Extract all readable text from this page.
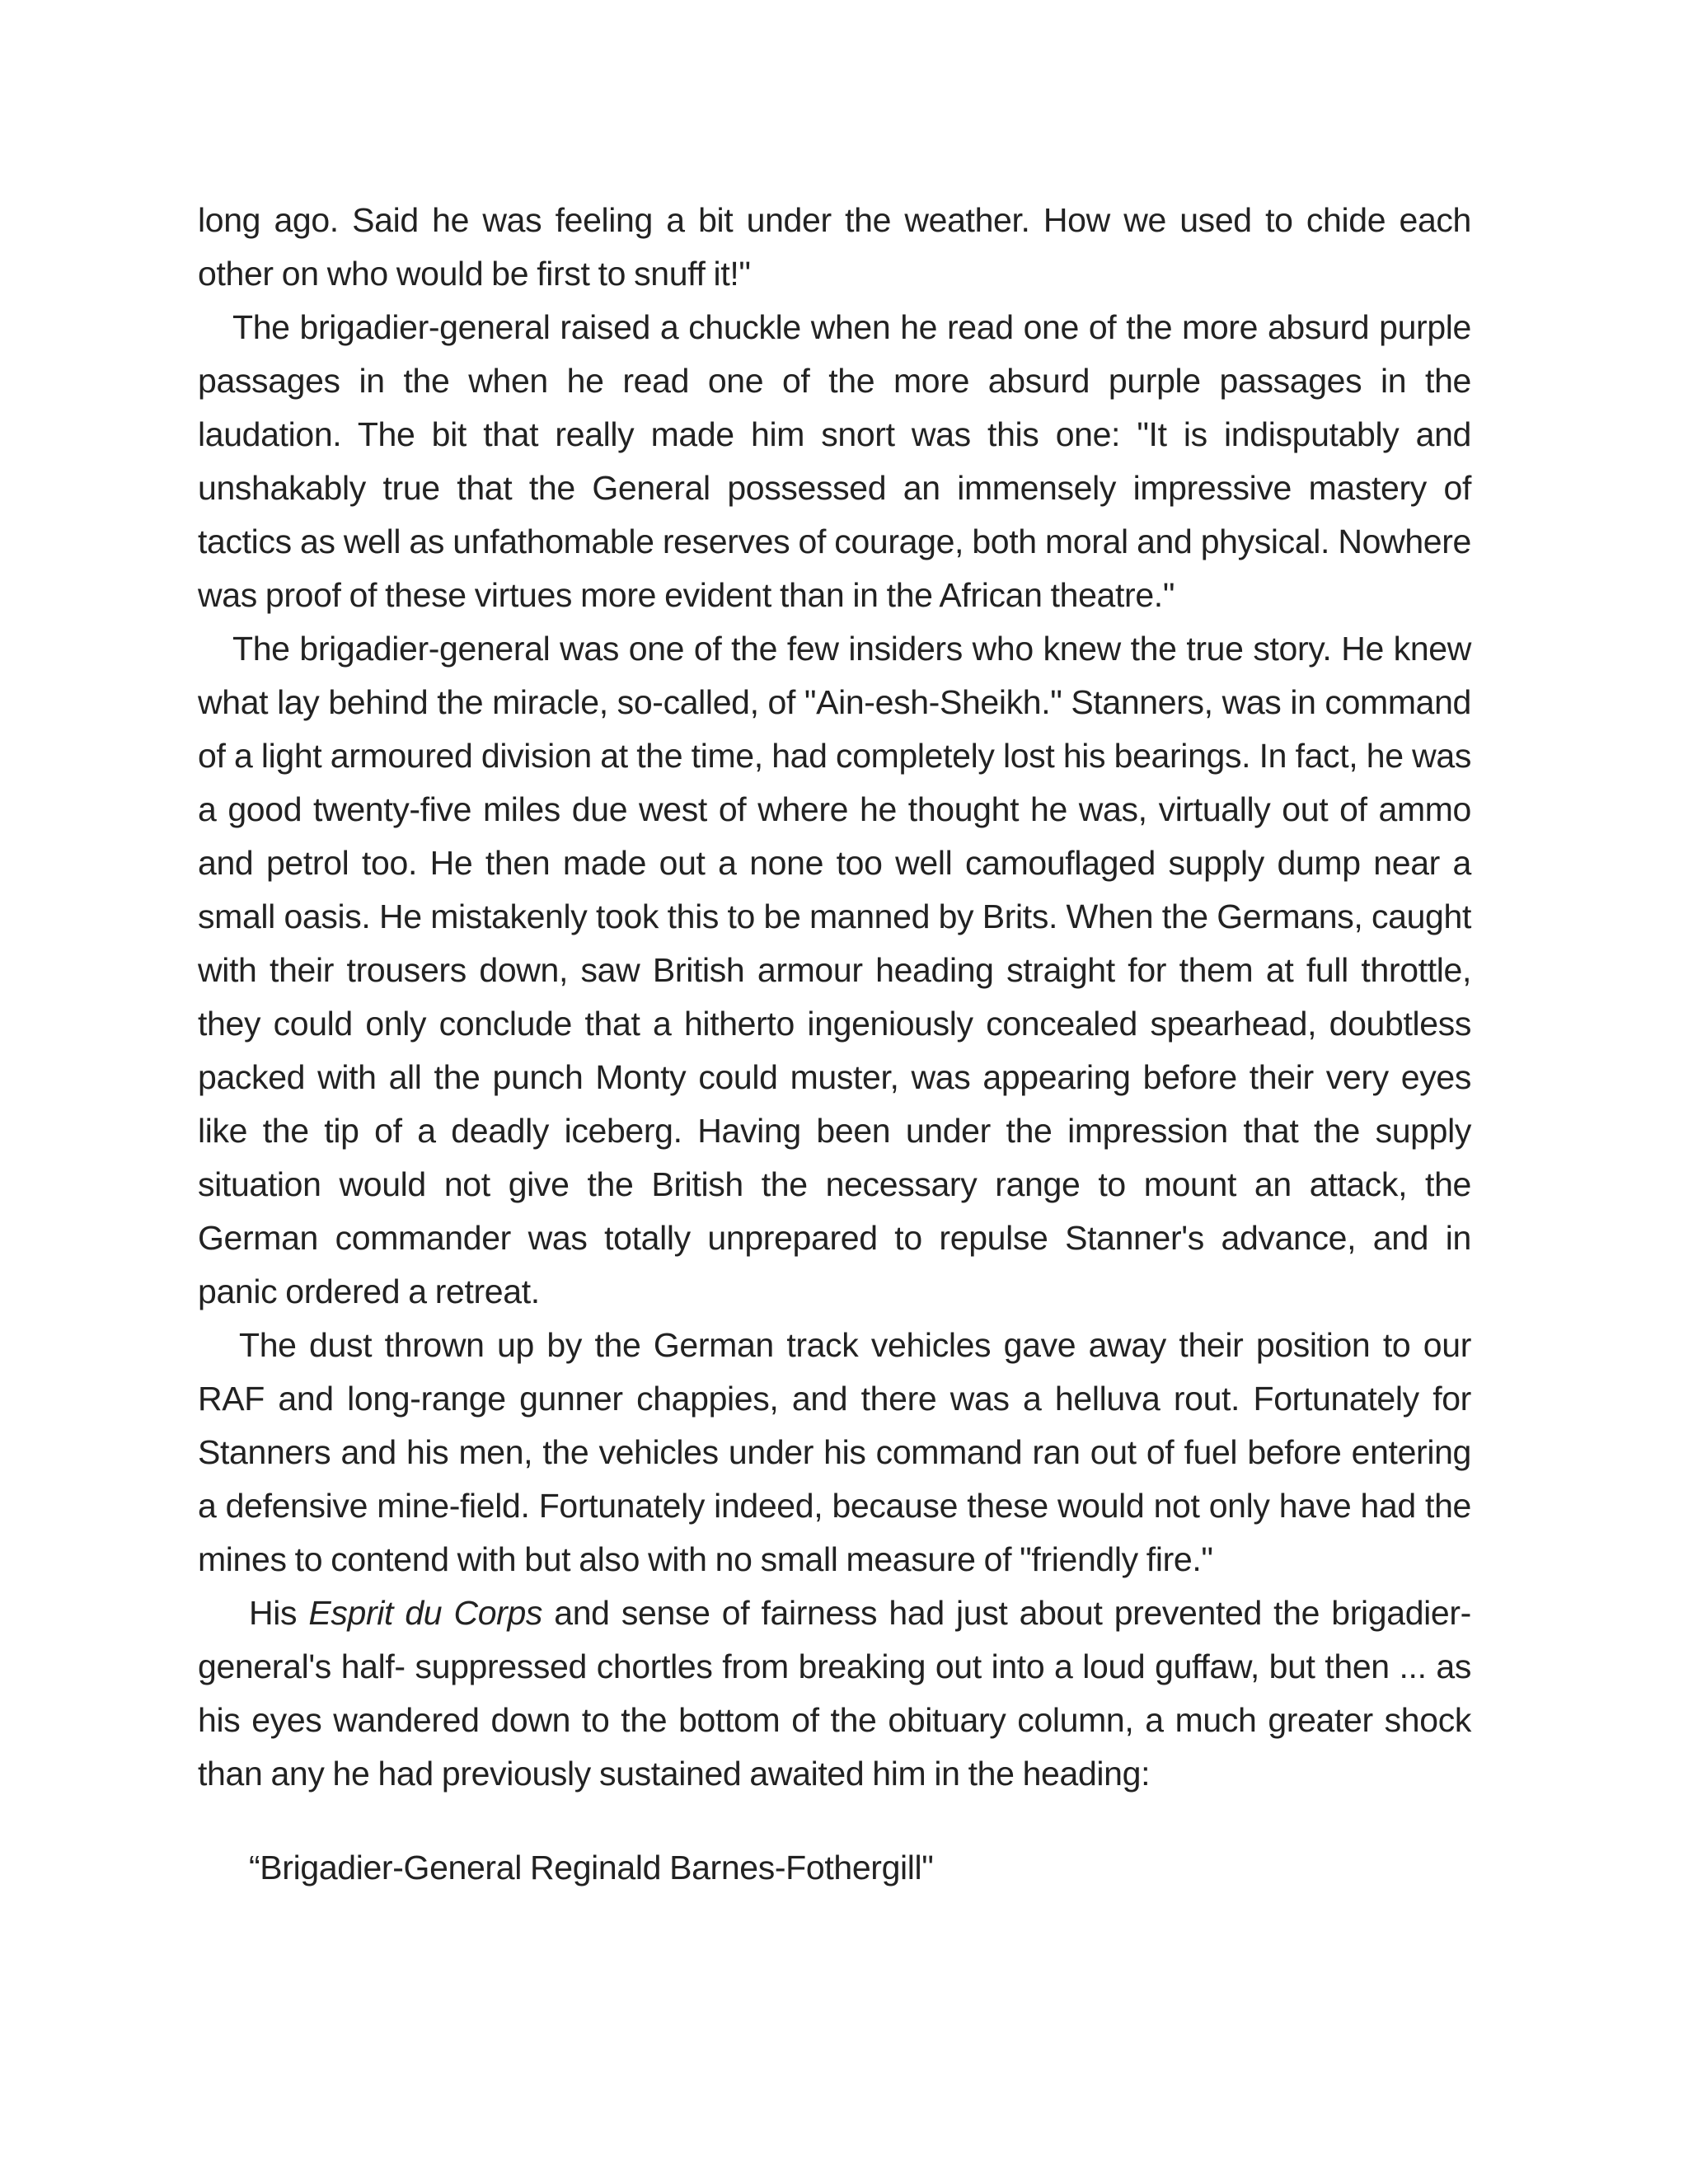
long ago. Said he was feeling a bit under the weather. How we used to chide each other on who would be first to snuff it!"

The brigadier-general raised a chuckle when he read one of the more absurd purple passages in the when he read one of the more absurd purple passages in the laudation. The bit that really made him snort was this one: "It is indisputably and unshakably true that the General possessed an immensely impressive mastery of tactics as well as unfathomable reserves of courage, both moral and physical. Nowhere was proof of these virtues more evident than in the African theatre."

The brigadier-general was one of the few insiders who knew the true story. He knew what lay behind the miracle, so-called, of "Ain-esh-Sheikh." Stanners, was in command of a light armoured division at the time, had completely lost his bearings. In fact, he was a good twenty-five miles due west of where he thought he was, virtually out of ammo and petrol too. He then made out a none too well camouflaged supply dump near a small oasis. He mistakenly took this to be manned by Brits. When the Germans, caught with their trousers down, saw British armour heading straight for them at full throttle, they could only conclude that a hitherto ingeniously concealed spearhead, doubtless packed with all the punch Monty could muster, was appearing before their very eyes like the tip of a deadly iceberg. Having been under the impression that the supply situation would not give the British the necessary range to mount an attack, the German commander was totally unprepared to repulse Stanner's advance, and in panic ordered a retreat.

The dust thrown up by the German track vehicles gave away their position to our RAF and long-range gunner chappies, and there was a helluva rout. Fortunately for Stanners and his men, the vehicles under his command ran out of fuel before entering a defensive mine-field. Fortunately indeed, because these would not only have had the mines to contend with but also with no small measure of "friendly fire."

His Esprit du Corps and sense of fairness had just about prevented the brigadier-general's half- suppressed chortles from breaking out into a loud guffaw, but then ... as his eyes wandered down to the bottom of the obituary column, a much greater shock than any he had previously sustained awaited him in the heading:

“Brigadier-General Reginald Barnes-Fothergill"
